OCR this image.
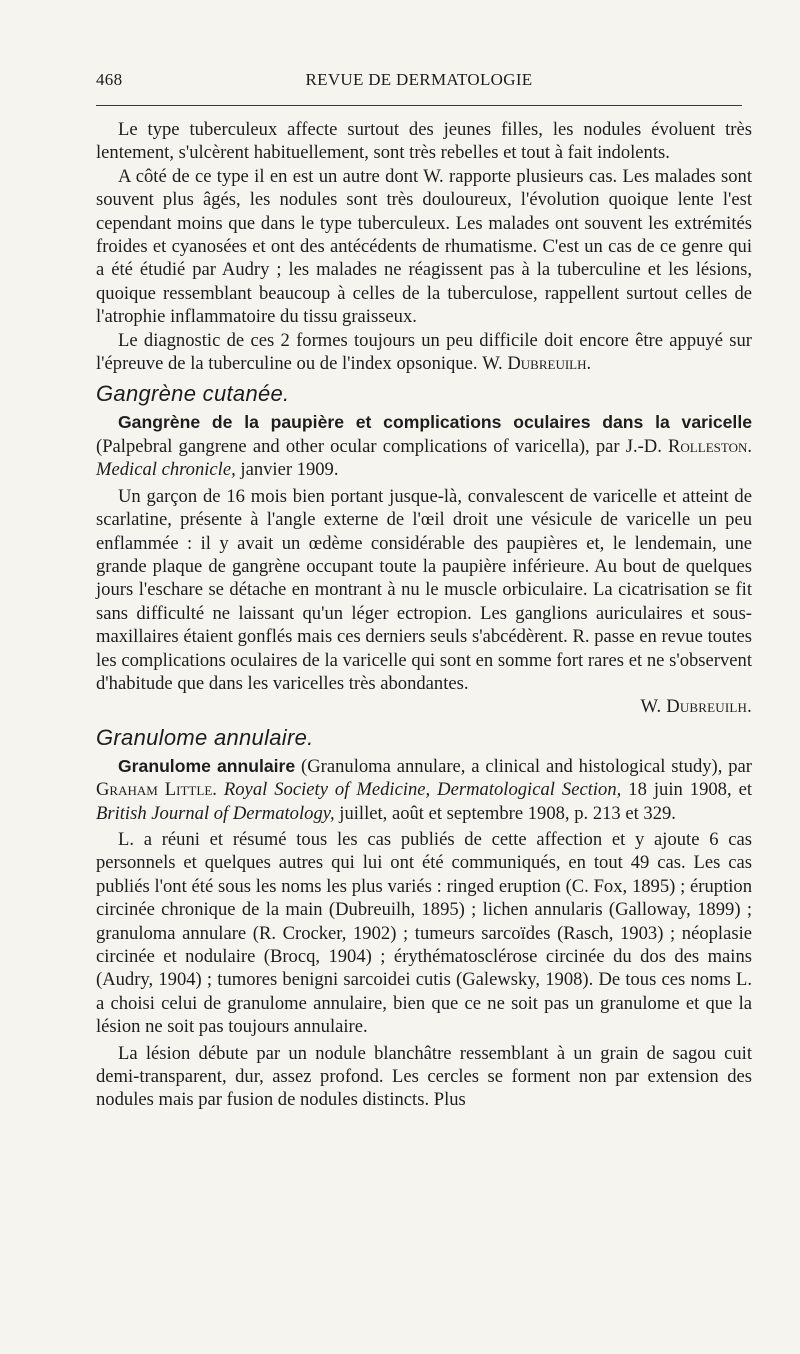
468	REVUE DE DERMATOLOGIE

Le type tuberculeux affecte surtout des jeunes filles, les nodules évoluent très lentement, s'ulcèrent habituellement, sont très rebelles et tout à fait indolents.

A côté de ce type il en est un autre dont W. rapporte plusieurs cas. Les malades sont souvent plus âgés, les nodules sont très douloureux, l'évolution quoique lente l'est cependant moins que dans le type tuberculeux. Les malades ont souvent les extrémités froides et cyanosées et ont des antécédents de rhumatisme. C'est un cas de ce genre qui a été étudié par Audry ; les malades ne réagissent pas à la tuberculine et les lésions, quoique ressemblant beaucoup à celles de la tuberculose, rappellent surtout celles de l'atrophie inflammatoire du tissu graisseux.

Le diagnostic de ces 2 formes toujours un peu difficile doit encore être appuyé sur l'épreuve de la tuberculine ou de l'index opsonique. W. Dubreuilh.

Gangrène cutanée.

Gangrène de la paupière et complications oculaires dans la varicelle (Palpebral gangrene and other ocular complications of varicella), par J.-D. Rolleston. Medical chronicle, janvier 1909.

Un garçon de 16 mois bien portant jusque-là, convalescent de varicelle et atteint de scarlatine, présente à l'angle externe de l'œil droit une vésicule de varicelle un peu enflammée : il y avait un œdème considérable des paupières et, le lendemain, une grande plaque de gangrène occupant toute la paupière inférieure. Au bout de quelques jours l'eschare se détache en montrant à nu le muscle orbiculaire. La cicatrisation se fit sans difficulté ne laissant qu'un léger ectropion. Les ganglions auriculaires et sous-maxillaires étaient gonflés mais ces derniers seuls s'abcédèrent. R. passe en revue toutes les complications oculaires de la varicelle qui sont en somme fort rares et ne s'observent d'habitude que dans les varicelles très abondantes.

W. Dubreuilh.
Granulome annulaire.

Granulome annulaire (Granuloma annulare, a clinical and histological study), par Graham Little. Royal Society of Medicine, Dermatological Section, 18 juin 1908, et British Journal of Dermatology, juillet, août et septembre 1908, p. 213 et 329.

L. a réuni et résumé tous les cas publiés de cette affection et y ajoute 6 cas personnels et quelques autres qui lui ont été communiqués, en tout 49 cas. Les cas publiés l'ont été sous les noms les plus variés : ringed eruption (C. Fox, 1895) ; éruption circinée chronique de la main (Dubreuilh, 1895) ; lichen annularis (Galloway, 1899) ; granuloma annulare (R. Crocker, 1902) ; tumeurs sarcoïdes (Rasch, 1903) ; néoplasie circinée et nodulaire (Brocq, 1904) ; érythématosclérose circinée du dos des mains (Audry, 1904) ; tumores benigni sarcoidei cutis (Galewsky, 1908). De tous ces noms L. a choisi celui de granulome annulaire, bien que ce ne soit pas un granulome et que la lésion ne soit pas toujours annulaire.

La lésion débute par un nodule blanchâtre ressemblant à un grain de sagou cuit demi-transparent, dur, assez profond. Les cercles se forment non par extension des nodules mais par fusion de nodules distincts. Plus
